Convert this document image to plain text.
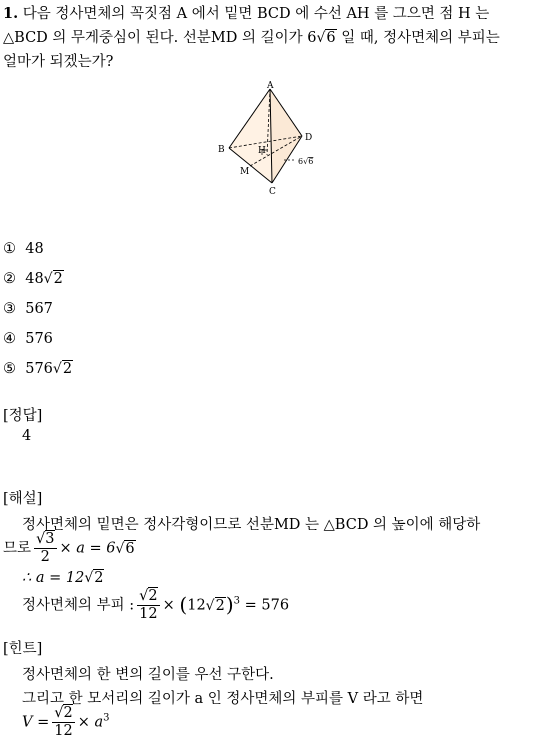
1. 다음 정사면체의 꼭짓점 A 에서 밑면 BCD 에 수선 AH 를 그으면 점 H 는
△BCD 의 무게중심이 된다. 선분MD 의 길이가 6√6 일 때, 정사면체의 부피는
얼마가 되겠는가?
A
B
C
D
H
M
6√6
① 48
② 48√2
③ 567
④ 576
⑤ 576√2
[정답]
4
[해설]
정사면체의 밑면은 정사각형이므로 선분MD 는 △BCD 의 높이에 해당하
므로 $\frac{√3}{2} \times a = 6√6$
∴ a = 12√2
정사면체의 부피 : $\frac{√2}{12} \times (12√2)^3 = 576$
[힌트]
정사면체의 한 변의 길이를 우선 구한다.
그리고 한 모서리의 길이가 a 인 정사면체의 부피를 V 라고 하면
$V = \frac{√2}{12} \times a^3$
